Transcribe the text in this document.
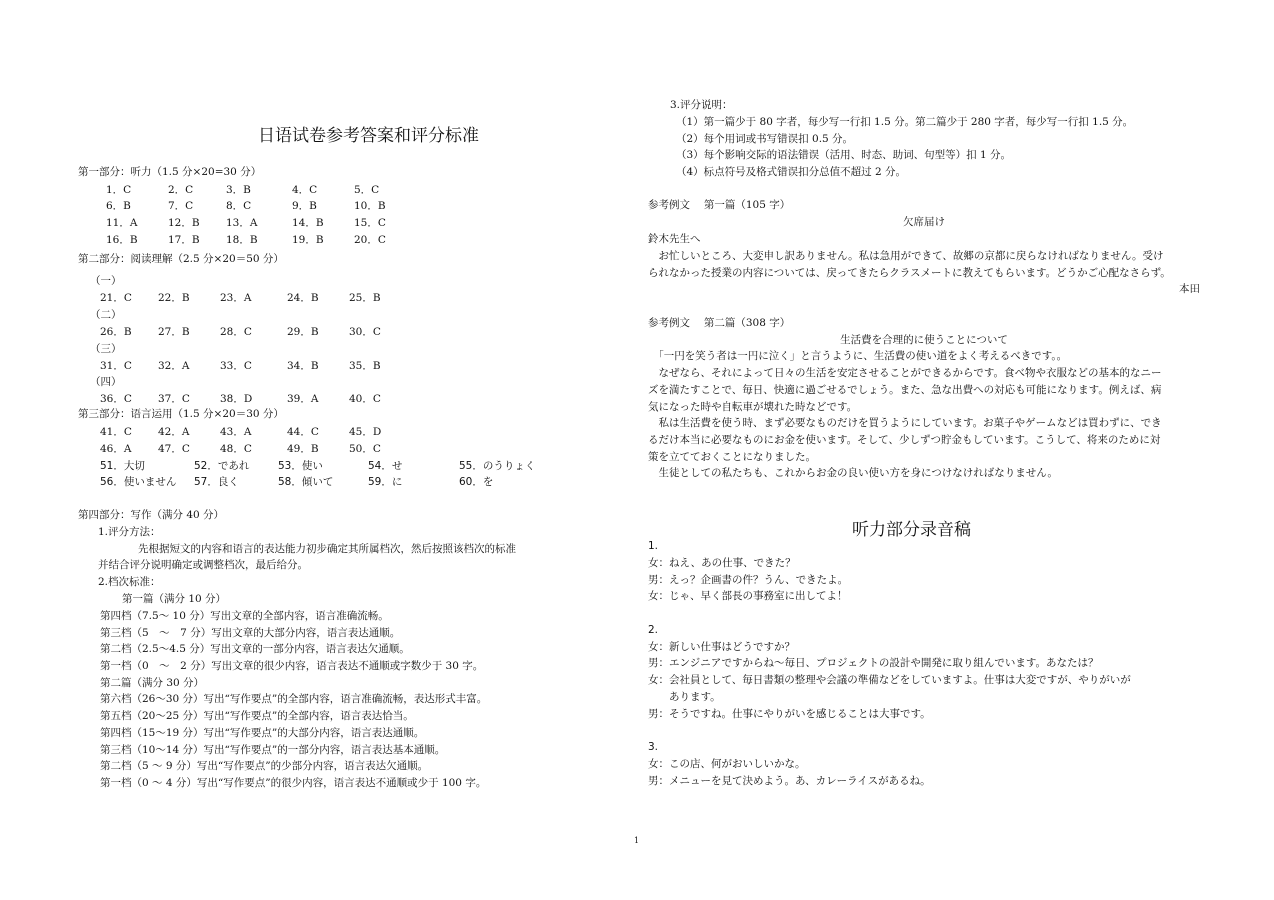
日语试卷参考答案和评分标准
第一部分：听力（1.5 分×20=30 分）
1．C	2．C	3．B	4．C	5．C
6．B	7．C	8．C	9．B	10．B
11．A	12．B	13．A	14．B	15．C
16．B	17．B	18．B	19．B	20．C
第二部分：阅读理解（2.5 分×20＝50 分）
（一）
21．C 22．B	23．A	24．B	25．B
（二）
26．B	27．B	28．C	29．B	30．C
（三）
31．C 32．A	33．C	34．B	35．B
（四）
36．C 37．C	38．D	39．A	40．C
第三部分：语言运用（1.5 分×20＝30 分）
41．C 42．A	43．A	44．C	45．D
46．A	47．C	48．C	49．B	50．C
51．大切	52．であれ	53．使い	54．せ	55．のうりょく
56．使いません 57．良く	58．傾いて	59．に	60．を
第四部分：写作（满分 40 分）
1.评分方法：
先根据短文的内容和语言的表达能力初步确定其所属档次，然后按照该档次的标准
并结合评分说明确定或调整档次，最后给分。
2.档次标准：
第一篇（满分 10 分）
第四档（7.5～ 10 分）写出文章的全部内容，语言准确流畅。
第三档（5　～　7 分）写出文章的大部分内容，语言表达通顺。
第二档（2.5～4.5 分）写出文章的一部分内容，语言表达欠通顺。
第一档（0　～　2 分）写出文章的很少内容，语言表达不通顺或字数少于 30 字。
第二篇（满分 30 分）
第六档（26～30 分）写出“写作要点”的全部内容，语言准确流畅，表达形式丰富。
第五档（20～25 分）写出“写作要点”的全部内容，语言表达恰当。
第四档（15～19 分）写出“写作要点”的大部分内容，语言表达通顺。
第三档（10～14 分）写出“写作要点”的一部分内容，语言表达基本通顺。
第二档（5 ～ 9 分）写出“写作要点”的少部分内容，语言表达欠通顺。
第一档（0 ～ 4 分）写出“写作要点”的很少内容，语言表达不通顺或少于 100 字。
3.评分说明：
（1）第一篇少于 80 字者，每少写一行扣 1.5 分。第二篇少于 280 字者，每少写一行扣 1.5 分。
（2）每个用词或书写错误扣 0.5 分。
（3）每个影响交际的语法错误（活用、时态、助词、句型等）扣 1 分。
（4）标点符号及格式错误扣分总值不超过 2 分。
参考例文　 第一篇（105 字）
欠席届け
鈴木先生へ
　お忙しいところ、大変申し訳ありません。私は急用ができて、故郷の京都に戻らなければなりません。受け
られなかった授業の内容については、戻ってきたらクラスメートに教えてもらいます。どうかご心配なさらず。
本田
参考例文　 第二篇（308 字）
生活費を合理的に使うことについて
　「一円を笑う者は一円に泣く」と言うように、生活費の使い道をよく考えるべきです。。
　なぜなら、それによって日々の生活を安定させることができるからです。食べ物や衣服などの基本的なニー
ズを満たすことで、毎日、快適に過ごせるでしょう。また、急な出費への対応も可能になります。例えば、病
気になった時や自転車が壊れた時などです。
　私は生活費を使う時、まず必要なものだけを買うようにしています。お菓子やゲームなどは買わずに、でき
るだけ本当に必要なものにお金を使います。そして、少しずつ貯金もしています。こうして、将来のために対
策を立てておくことになりました。
　生徒としての私たちも、これからお金の良い使い方を身につけなければなりません。
听力部分录音稿
1.
女：ねえ、あの仕事、できた？
男：えっ？企画書の件？うん、できたよ。
女：じゃ、早く部長の事務室に出してよ！
2.
女：新しい仕事はどうですか？
男：エンジニアですからね～毎日、プロジェクトの設計や開発に取り組んでいます。あなたは？
女：会社員として、毎日書類の整理や会議の準備などをしていますよ。仕事は大変ですが、やりがいが
　　あります。
男：そうですね。仕事にやりがいを感じることは大事です。
3.
女：この店、何がおいしいかな。
男：メニューを見て決めよう。あ、カレーライスがあるね。
1
